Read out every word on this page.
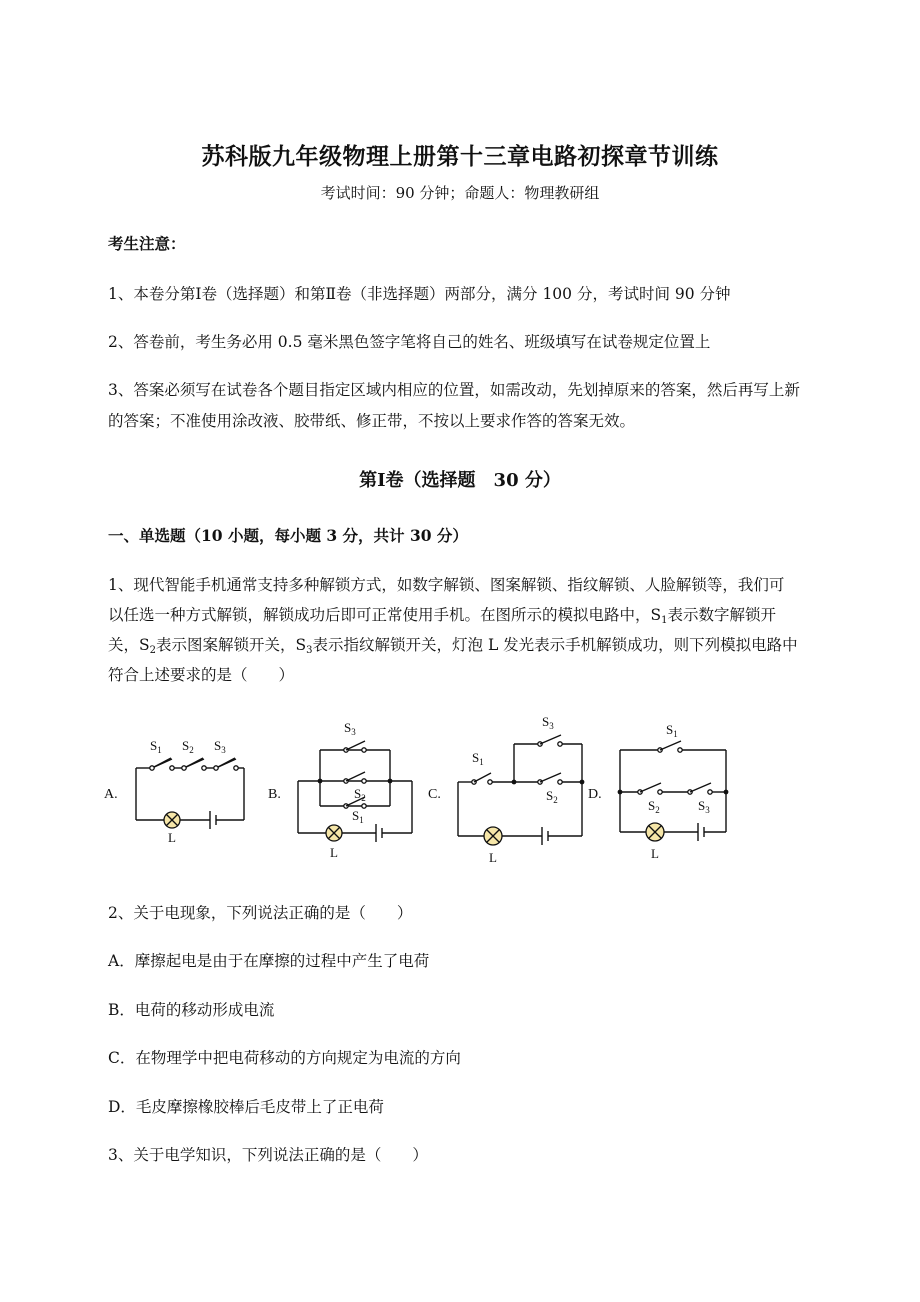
苏科版九年级物理上册第十三章电路初探章节训练
考试时间：90 分钟；命题人：物理教研组
考生注意：
1、本卷分第Ⅰ卷（选择题）和第Ⅱ卷（非选择题）两部分，满分 100 分，考试时间 90 分钟
2、答卷前，考生务必用 0.5 毫米黑色签字笔将自己的姓名、班级填写在试卷规定位置上
3、答案必须写在试卷各个题目指定区域内相应的位置，如需改动，先划掉原来的答案，然后再写上新
的答案；不准使用涂改液、胶带纸、修正带，不按以上要求作答的答案无效。
第Ⅰ卷（选择题　30 分）
一、单选题（10 小题，每小题 3 分，共计 30 分）
1、现代智能手机通常支持多种解锁方式，如数字解锁、图案解锁、指纹解锁、人脸解锁等，我们可
以任选一种方式解锁，解锁成功后即可正常使用手机。在图所示的模拟电路中，$S_1$表示数字解锁开
关，$S_2$表示图案解锁开关，$S_3$表示指纹解锁开关，灯泡 L 发光表示手机解锁成功，则下列模拟电路中
符合上述要求的是（　　）
A.	B.	C.	D.
$S_1$ $S_2$ $S_3$
L
$S_3$
$S_2$
$S_1$
L
$S_3$
$S_1$
$S_2$
L
$S_1$
$S_2$	$S_3$
L
2、关于电现象，下列说法正确的是（　　）
A．摩擦起电是由于在摩擦的过程中产生了电荷
B．电荷的移动形成电流
C．在物理学中把电荷移动的方向规定为电流的方向
D．毛皮摩擦橡胶棒后毛皮带上了正电荷
3、关于电学知识，下列说法正确的是（　　）
